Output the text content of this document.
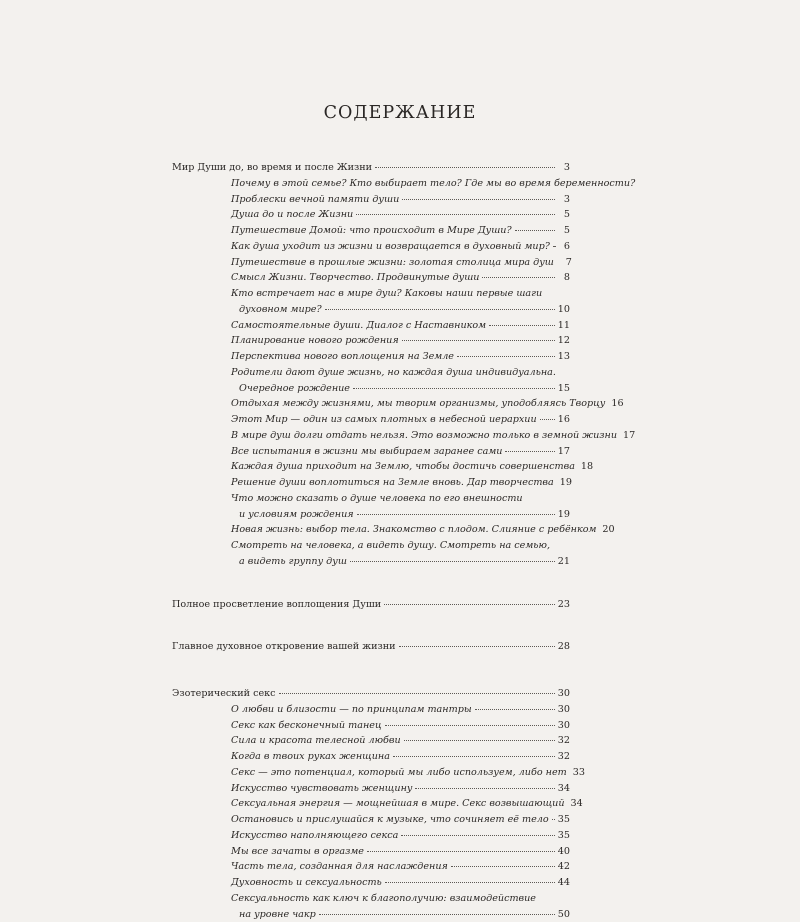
СОДЕРЖАНИЕ
Мир Души до, во время и после Жизни	3
Почему в этой семье? Кто выбирает тело? Где мы во время беременности?
Проблески вечной памяти души	3
Душа до и после Жизни	5
Путешествие Домой: что происходит в Мире Души?	5
Как душа уходит из жизни и возвращается в духовный мир?	6
Путешествие в прошлые жизни: золотая столица мира душ	7
Смысл Жизни. Творчество. Продвинутые души	8
Кто встречает нас в мире душ? Каковы наши первые шаги
духовном мире?	10
Самостоятельные души. Диалог с Наставником	11
Планирование нового рождения	12
Перспектива нового воплощения на Земле	13
Родители дают душе жизнь, но каждая душа индивидуальна.
Очередное рождение	15
Отдыхая между жизнями, мы творим организмы, уподобляясь Творцу 16
Этот Мир — один из самых плотных в небесной иерархии 16
В мире душ долги отдать нельзя. Это возможно только в земной жизни 17
Все испытания в жизни мы выбираем заранее сами	17
Каждая душа приходит на Землю, чтобы достичь совершенства 18
Решение души воплотиться на Земле вновь. Дар творчества 19
Что можно сказать о душе человека по его внешности
и условиям рождения	19
Новая жизнь: выбор тела. Знакомство с плодом. Слияние с ребёнком 20
Смотреть на человека, а видеть душу. Смотреть на семью,
а видеть группу душ	21
Полное просветление воплощения Души	23
Главное духовное откровение вашей жизни	28
Эзотерический секс	30
О любви и близости — по принципам тантры	30
Секс как бесконечный танец	30
Сила и красота телесной любви	32
Когда в твоих руках женщина	32
Секс — это потенциал, который мы либо используем, либо нет 33
Искусство чувствовать женщину	34
Сексуальная энергия — мощнейшая в мире. Секс возвышающий 34
Остановись и прислушайся к музыке, что сочиняет её тело 35
Искусство наполняющего секса	35
Мы все зачаты в оргазме	40
Часть тела, созданная для наслаждения	42
Духовность и сексуальность	44
Сексуальность как ключ к благополучию: взаимодействие
на уровне чакр	50
